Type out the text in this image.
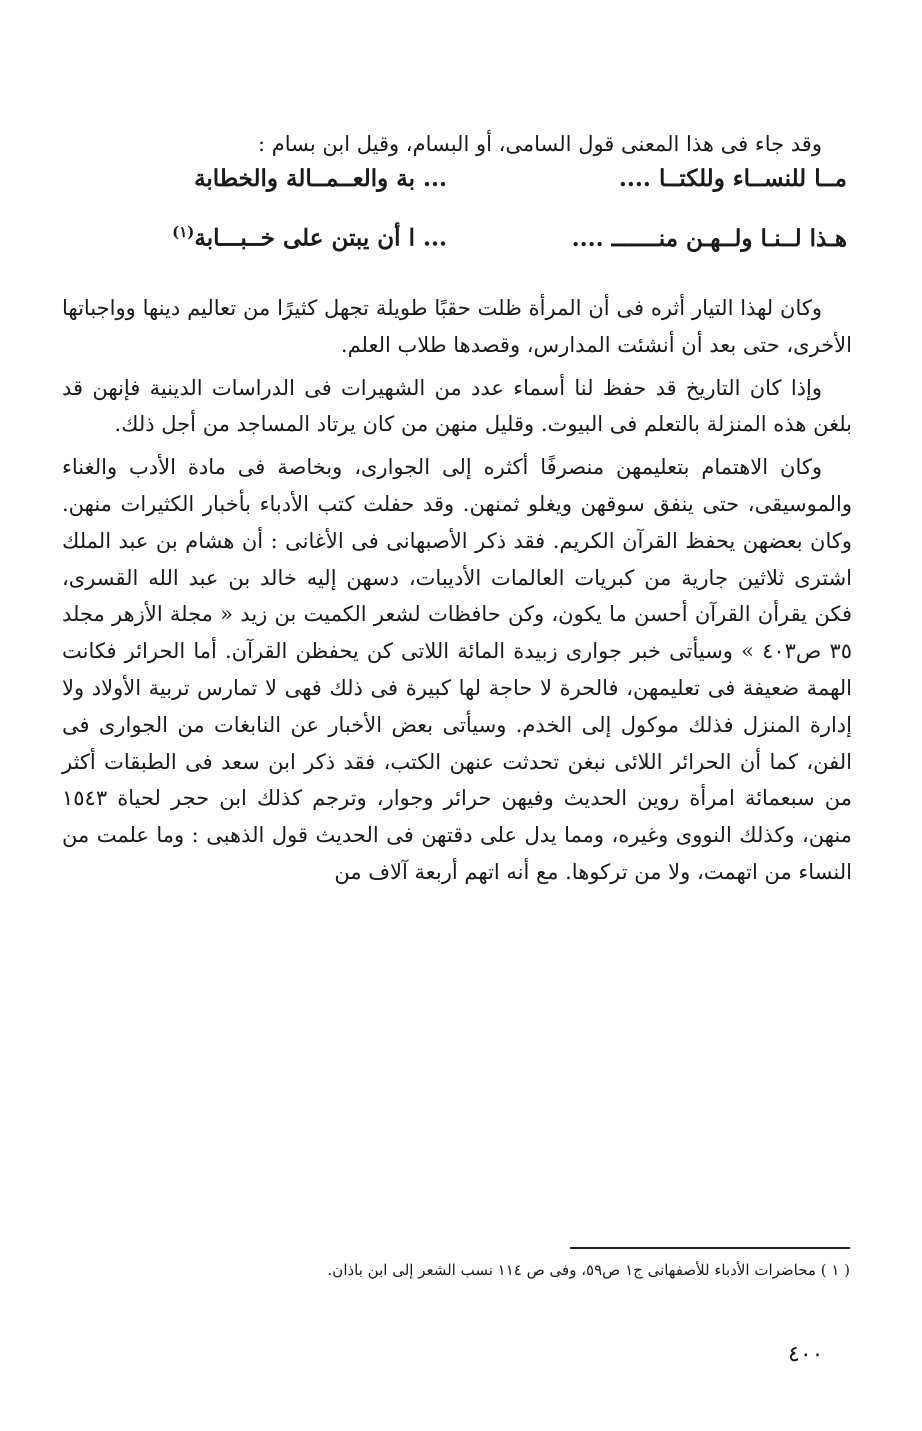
وقد جاء فى هذا المعنى قول السامى، أو البسام، وقيل ابن بسام :
مــا للنســاء وللكتــا ....
... بة والعــمــالة والخطابة
هـذا لــنـا ولــهـن منـــــــ ....
... ا أن يبتن على خــبـــابة$^{(١)}$

وكان لهذا التيار أثره فى أن المرأة ظلت حقبًا طويلة تجهل كثيرًا من تعاليم دينها وواجباتها الأخرى، حتى بعد أن أنشئت المدارس، وقصدها طلاب العلم.

وإذا كان التاريخ قد حفظ لنا أسماء عدد من الشهيرات فى الدراسات الدينية فإنهن قد بلغن هذه المنزلة بالتعلم فى البيوت. وقليل منهن من كان يرتاد المساجد من أجل ذلك.

وكان الاهتمام بتعليمهن منصرفًا أكثره إلى الجوارى، وبخاصة فى مادة الأدب والغناء والموسيقى، حتى ينفق سوقهن ويغلو ثمنهن. وقد حفلت كتب الأدباء بأخبار الكثيرات منهن. وكان بعضهن يحفظ القرآن الكريم. فقد ذكر الأصبهانى فى الأغانى : أن هشام بن عبد الملك اشترى ثلاثين جارية من كبريات العالمات الأديبات، دسهن إليه خالد بن عبد الله القسرى، فكن يقرأن القرآن أحسن ما يكون، وكن حافظات لشعر الكميت بن زيد « مجلة الأزهر مجلد ٣٥ ص٤٠٣ » وسيأتى خبر جوارى زبيدة المائة اللاتى كن يحفظن القرآن. أما الحرائر فكانت الهمة ضعيفة فى تعليمهن، فالحرة لا حاجة لها كبيرة فى ذلك فهى لا تمارس تربية الأولاد ولا إدارة المنزل فذلك موكول إلى الخدم. وسيأتى بعض الأخبار عن النابغات من الجوارى فى الفن، كما أن الحرائر اللائى نبغن تحدثت عنهن الكتب، فقد ذكر ابن سعد فى الطبقات أكثر من سبعمائة امرأة روين الحديث وفيهن حرائر وجوار، وترجم كذلك ابن حجر لحياة ١٥٤٣ منهن، وكذلك النووى وغيره، ومما يدل على دقتهن فى الحديث قول الذهبى : وما علمت من النساء من اتهمت، ولا من تركوها. مع أنه اتهم أربعة آلاف من

( ١ ) محاضرات الأدباء للأصفهانى ج١ ص٥٩، وفى ص ١١٤ نسب الشعر إلى ابن باذان.
٤٠٠
